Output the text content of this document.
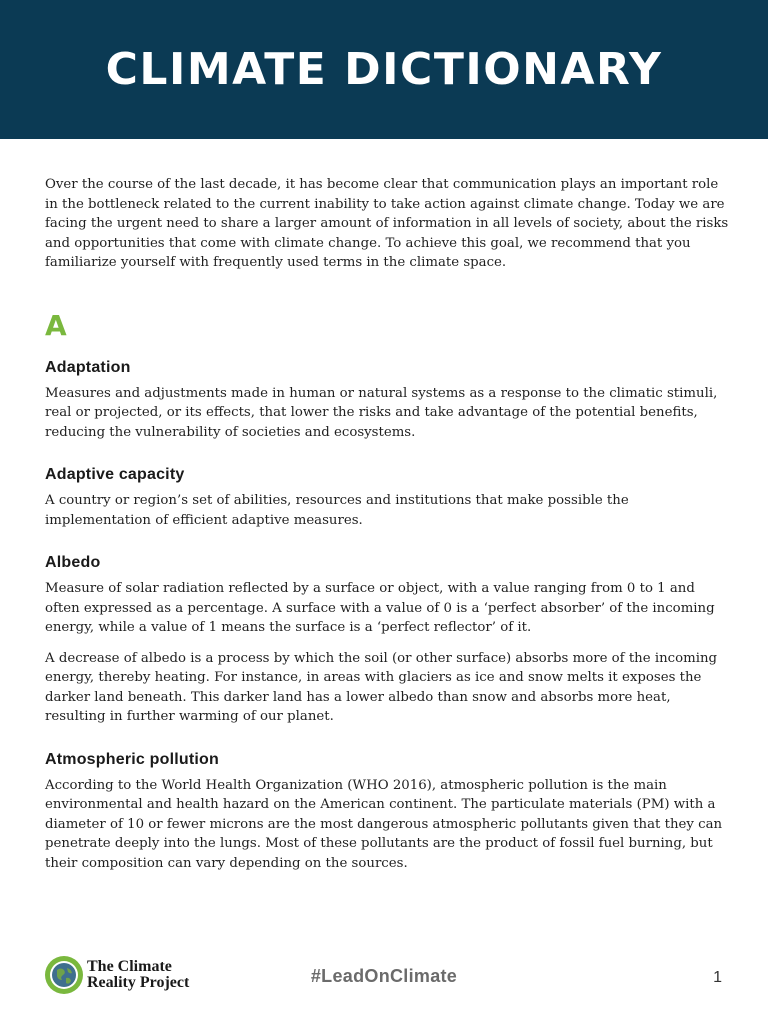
CLIMATE DICTIONARY

Over the course of the last decade, it has become clear that communication plays an important role in the bottleneck related to the current inability to take action against climate change. Today we are facing the urgent need to share a larger amount of information in all levels of society, about the risks and opportunities that come with climate change. To achieve this goal, we recommend that you familiarize yourself with frequently used terms in the climate space.

A
Adaptation

Measures and adjustments made in human or natural systems as a response to the climatic stimuli, real or projected, or its effects, that lower the risks and take advantage of the potential benefits, reducing the vulnerability of societies and ecosystems.

Adaptive capacity

A country or region’s set of abilities, resources and institutions that make possible the implementation of efficient adaptive measures.

Albedo

Measure of solar radiation reflected by a surface or object, with a value ranging from 0 to 1 and often expressed as a percentage. A surface with a value of 0 is a ‘perfect absorber’ of the incoming energy, while a value of 1 means the surface is a ‘perfect reflector’ of it.

A decrease of albedo is a process by which the soil (or other surface) absorbs more of the incoming energy, thereby heating. For instance, in areas with glaciers as ice and snow melts it exposes the darker land beneath. This darker land has a lower albedo than snow and absorbs more heat, resulting in further warming of our planet.

Atmospheric pollution

According to the World Health Organization (WHO 2016), atmospheric pollution is the main environmental and health hazard on the American continent. The particulate materials (PM) with a diameter of 10 or fewer microns are the most dangerous atmospheric pollutants given that they can penetrate deeply into the lungs. Most of these pollutants are the product of fossil fuel burning, but their composition can vary depending on the sources.

The Climate
Reality Project	#LeadOnClimate	1
